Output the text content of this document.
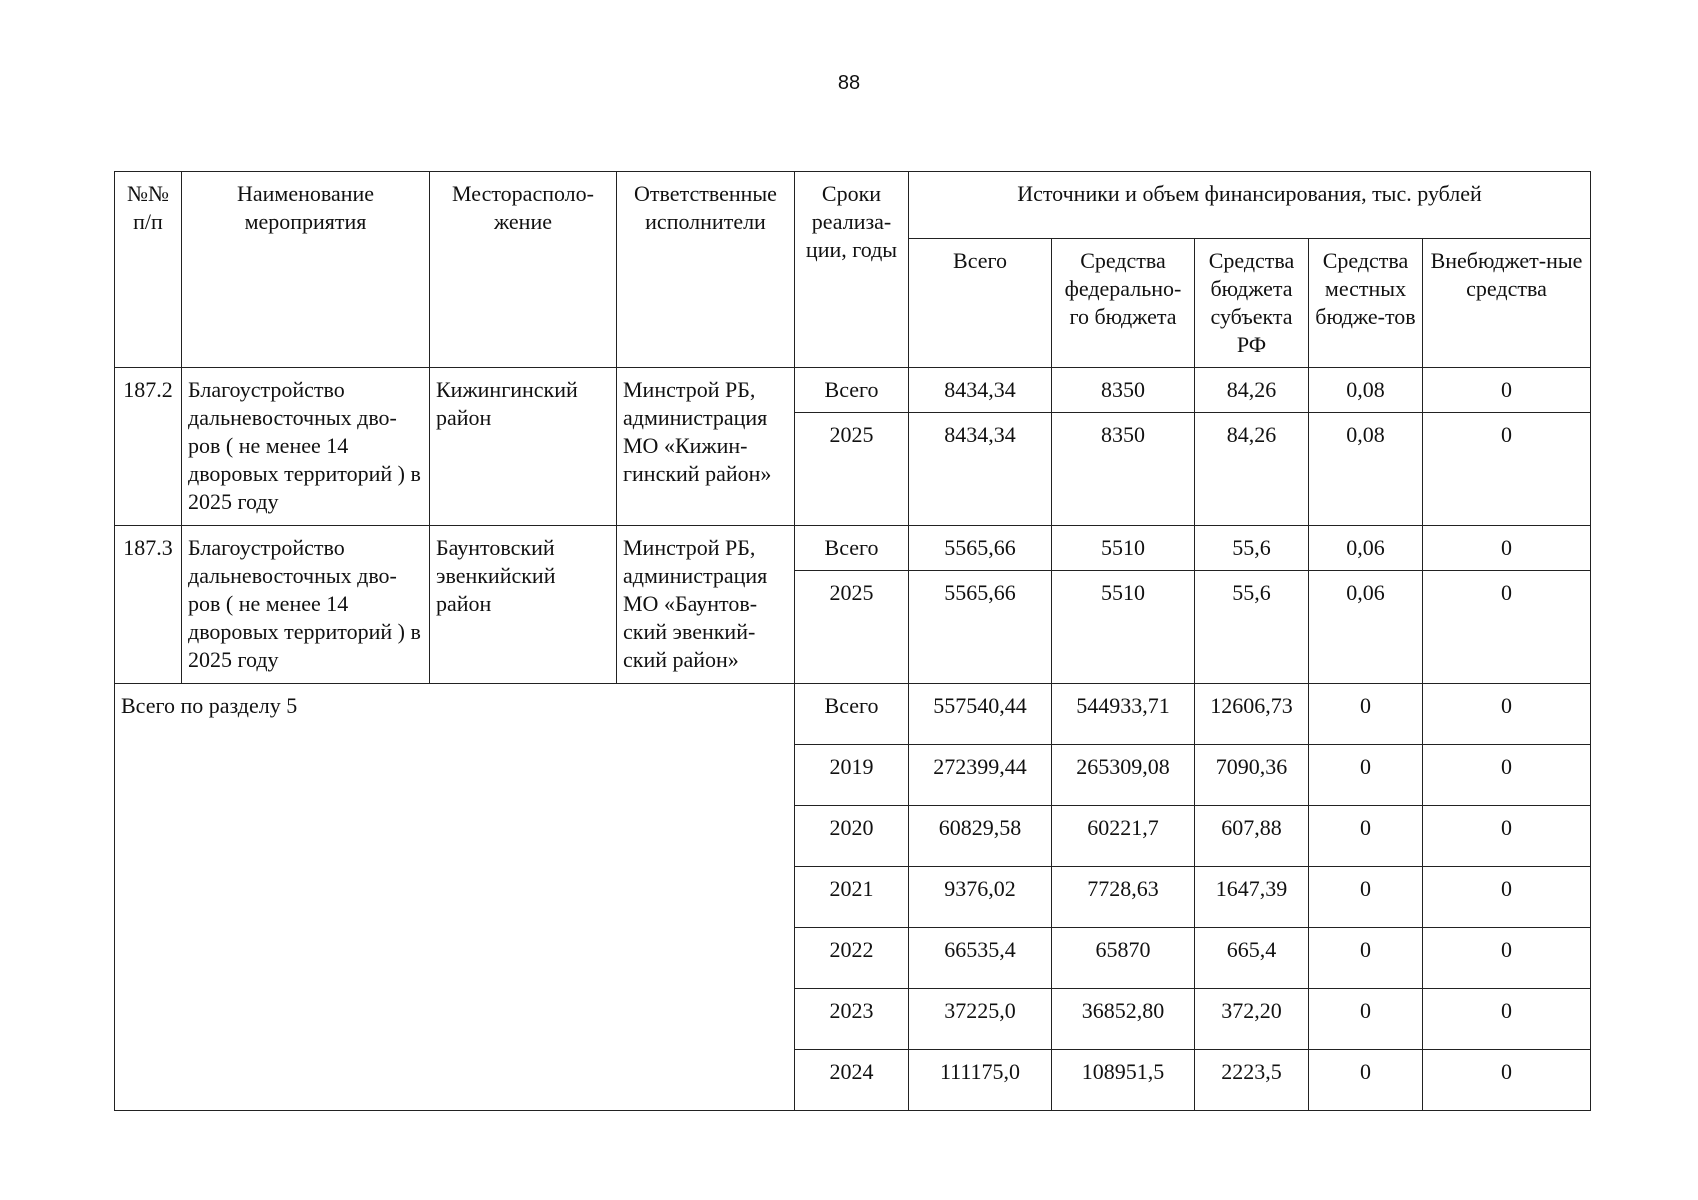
88
№№ п/п	Наименование мероприятия	Месторасполо-жение	Ответственные исполнители	Сроки реализа-ции, годы	Источники и объем финансирования, тыс. рублей				
					Всего	Средства федерально-го бюджета	Средства бюджета субъекта РФ	Средства местных бюдже-тов	Внебюджет-ные средства
187.2	Благоустройство дальневосточных дво-ров ( не менее 14 дворовых территорий ) в 2025 году	Кижингинский район	Минстрой РБ, администрация МО «Кижин-гинский район»	Всего	8434,34	8350	84,26	0,08	0
				2025	8434,34	8350	84,26	0,08	0
187.3	Благоустройство дальневосточных дво-ров ( не менее 14 дворовых территорий ) в 2025 году	Баунтовский эвенкийский район	Минстрой РБ, администрация МО «Баунтов-ский эвенкий-ский район»	Всего	5565,66	5510	55,6	0,06	0
				2025	5565,66	5510	55,6	0,06	0
Всего по разделу 5				Всего	557540,44	544933,71	12606,73	0	0
				2019	272399,44	265309,08	7090,36	0	0
				2020	60829,58	60221,7	607,88	0	0
				2021	9376,02	7728,63	1647,39	0	0
				2022	66535,4	65870	665,4	0	0
				2023	37225,0	36852,80	372,20	0	0
				2024	111175,0	108951,5	2223,5	0	0
